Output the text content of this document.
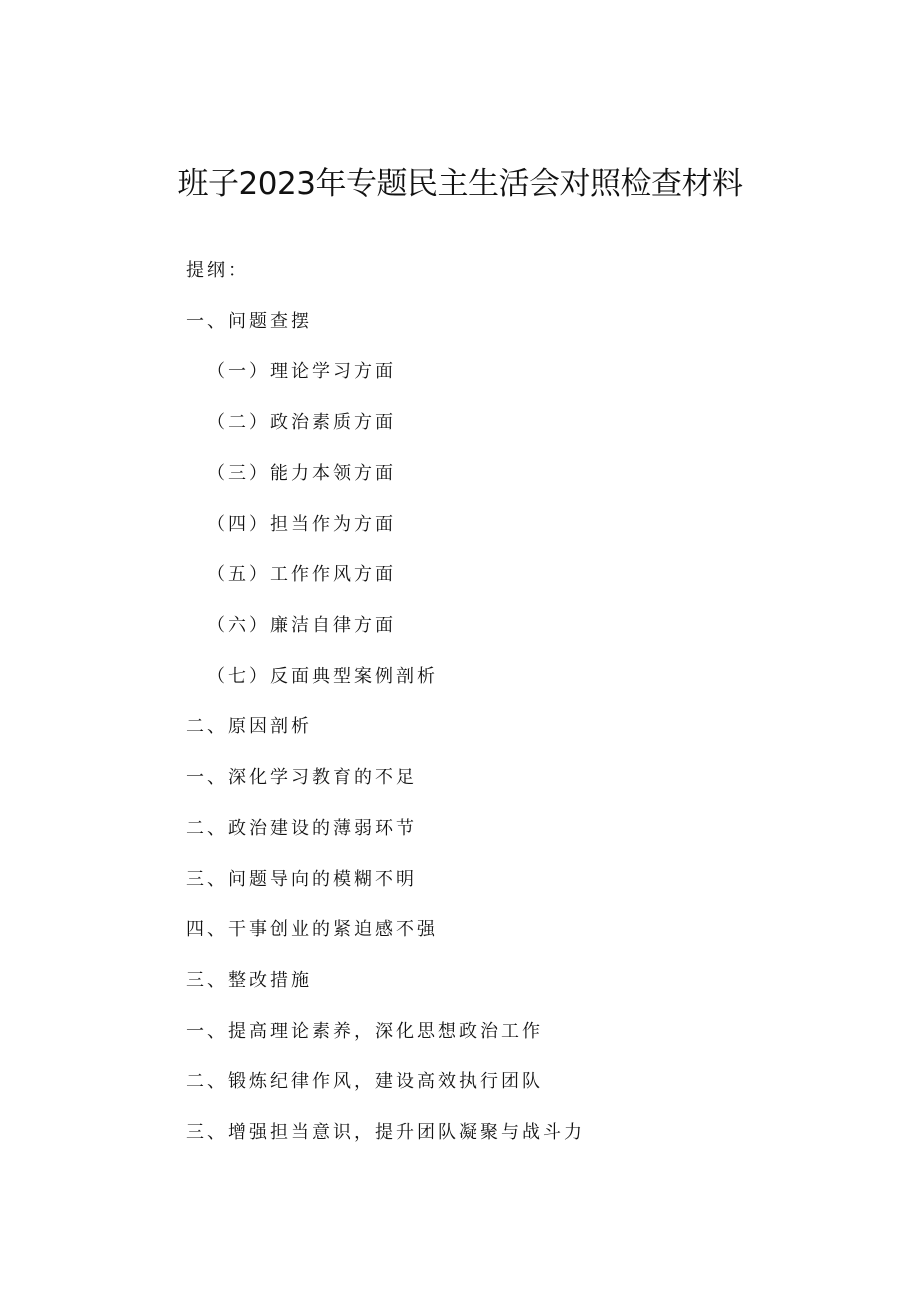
班子2023年专题民主生活会对照检查材料

提纲：

一、问题查摆

（一）理论学习方面

（二）政治素质方面

（三）能力本领方面

（四）担当作为方面

（五）工作作风方面

（六）廉洁自律方面

（七）反面典型案例剖析

二、原因剖析

一、深化学习教育的不足

二、政治建设的薄弱环节

三、问题导向的模糊不明

四、干事创业的紧迫感不强

三、整改措施

一、提高理论素养，深化思想政治工作

二、锻炼纪律作风，建设高效执行团队

三、增强担当意识，提升团队凝聚与战斗力
